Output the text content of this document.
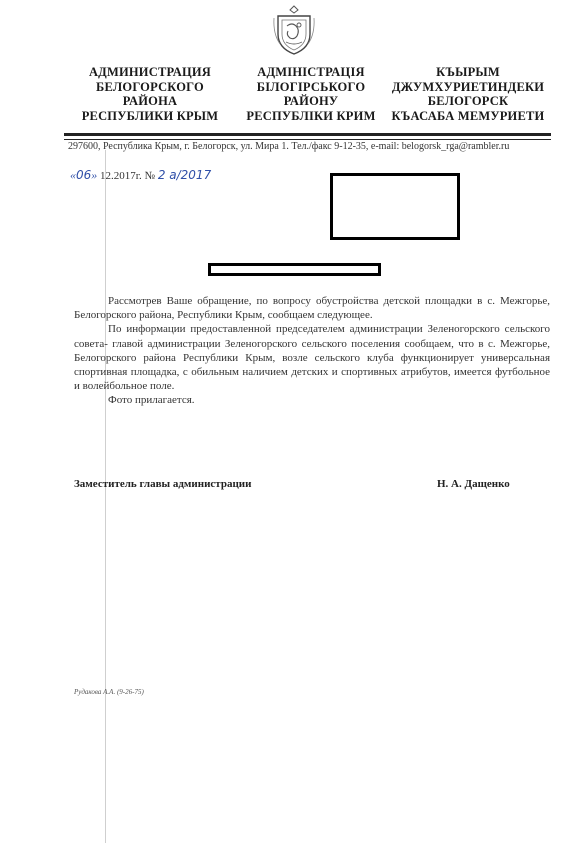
АДМИНИСТРАЦИЯ
БЕЛОГОРСКОГО
РАЙОНА
РЕСПУБЛИКИ КРЫМ
АДМІНІСТРАЦІЯ
БІЛОГІРСЬКОГО
РАЙОНУ
РЕСПУБЛІКИ КРИМ
КЪЫРЫМ
ДЖУМХУРИЕТИНДЕКИ
БЕЛОГОРСК
КЪАСАБА МЕМУРИЕТИ
297600, Республика Крым, г. Белогорск, ул. Мира 1. Тел./факс 9-12-35, e-mail: belogorsk_rga@rambler.ru
«06» 12.2017г. № 2 а/2017

Рассмотрев Ваше обращение, по вопросу обустройства детской площадки в с. Межгорье, Белогорского района, Республики Крым, сообщаем следующее.

По информации предоставленной председателем администрации Зеленогорского сельского совета- главой администрации Зеленогорского сельского поселения сообщаем, что в с. Межгорье, Белогорского района Республики Крым, возле сельского клуба функционирует универсальная спортивная площадка, с обильным наличием детских и спортивных атрибутов, имеется футбольное и волейбольное поле.

Фото прилагается.

Заместитель главы администрации	Н. А. Дащенко
Рудакова А.А. (9-26-75)
